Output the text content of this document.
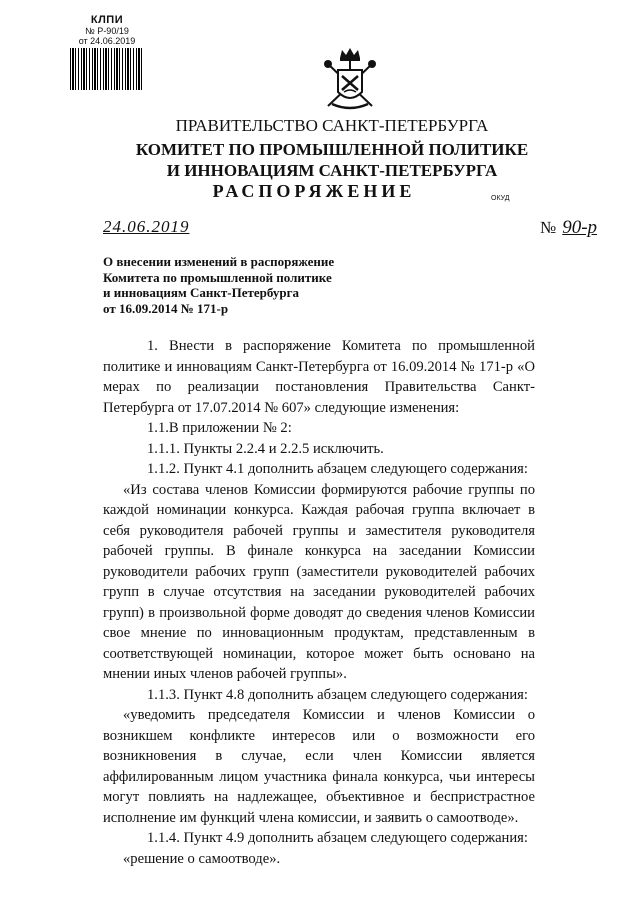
КЛПИ
№ Р-90/19
от 24.06.2019
ПРАВИТЕЛЬСТВО САНКТ-ПЕТЕРБУРГА
КОМИТЕТ ПО ПРОМЫШЛЕННОЙ ПОЛИТИКЕ
И ИННОВАЦИЯМ САНКТ-ПЕТЕРБУРГА
РАСПОРЯЖЕНИЕ	ОКУД
24.06.2019	№ 90-р
О внесении изменений в распоряжение
Комитета по промышленной политике
и инновациям Санкт-Петербурга
от 16.09.2014 № 171-р

1. Внести в распоряжение Комитета по промышленной политике и инновациям Санкт-Петербурга от 16.09.2014 № 171-р «О мерах по реализации постановления Правительства Санкт-Петербурга от 17.07.2014 № 607» следующие изменения:

1.1.В приложении № 2:

1.1.1. Пункты 2.2.4 и 2.2.5 исключить.

1.1.2. Пункт 4.1 дополнить абзацем следующего содержания:

«Из состава членов Комиссии формируются рабочие группы по каждой номинации конкурса. Каждая рабочая группа включает в себя руководителя рабочей группы и заместителя руководителя рабочей группы. В финале конкурса на заседании Комиссии руководители рабочих групп (заместители руководителей рабочих групп в случае отсутствия на заседании руководителей рабочих групп) в произвольной форме доводят до сведения членов Комиссии свое мнение по инновационным продуктам, представленным в соответствующей номинации, которое может быть основано на мнении иных членов рабочей группы».

1.1.3. Пункт 4.8 дополнить абзацем следующего содержания:

«уведомить председателя Комиссии и членов Комиссии о возникшем конфликте интересов или о возможности его возникновения в случае, если член Комиссии является аффилированным лицом участника финала конкурса, чьи интересы могут повлиять на надлежащее, объективное и беспристрастное исполнение им функций члена комиссии, и заявить о самоотводе».

1.1.4. Пункт 4.9 дополнить абзацем следующего содержания:

«решение о самоотводе».
